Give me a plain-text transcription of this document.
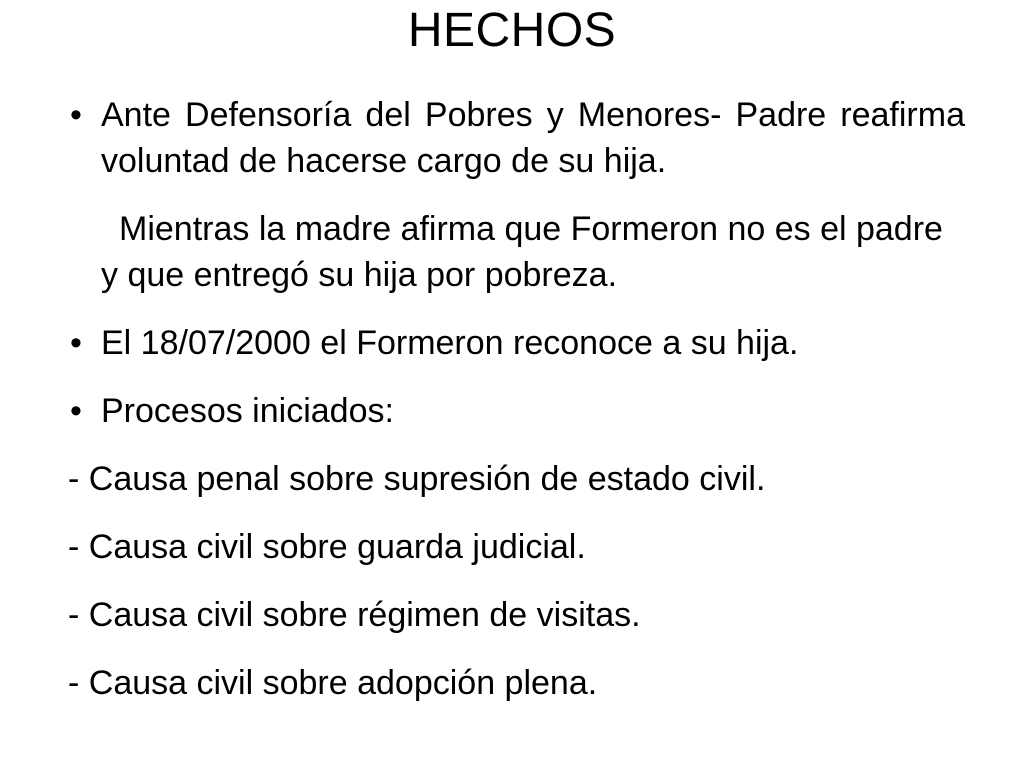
HECHOS
• Ante Defensoría del Pobres y Menores- Padre reafirma voluntad de hacerse cargo de su hija.
Mientras la madre afirma que Formeron no es el padre y que entregó su hija por pobreza.
• El 18/07/2000 el Formeron reconoce a su hija.
• Procesos iniciados:
- Causa penal sobre supresión de estado civil.
- Causa civil sobre guarda judicial.
- Causa civil sobre régimen de visitas.
- Causa civil sobre adopción plena.
